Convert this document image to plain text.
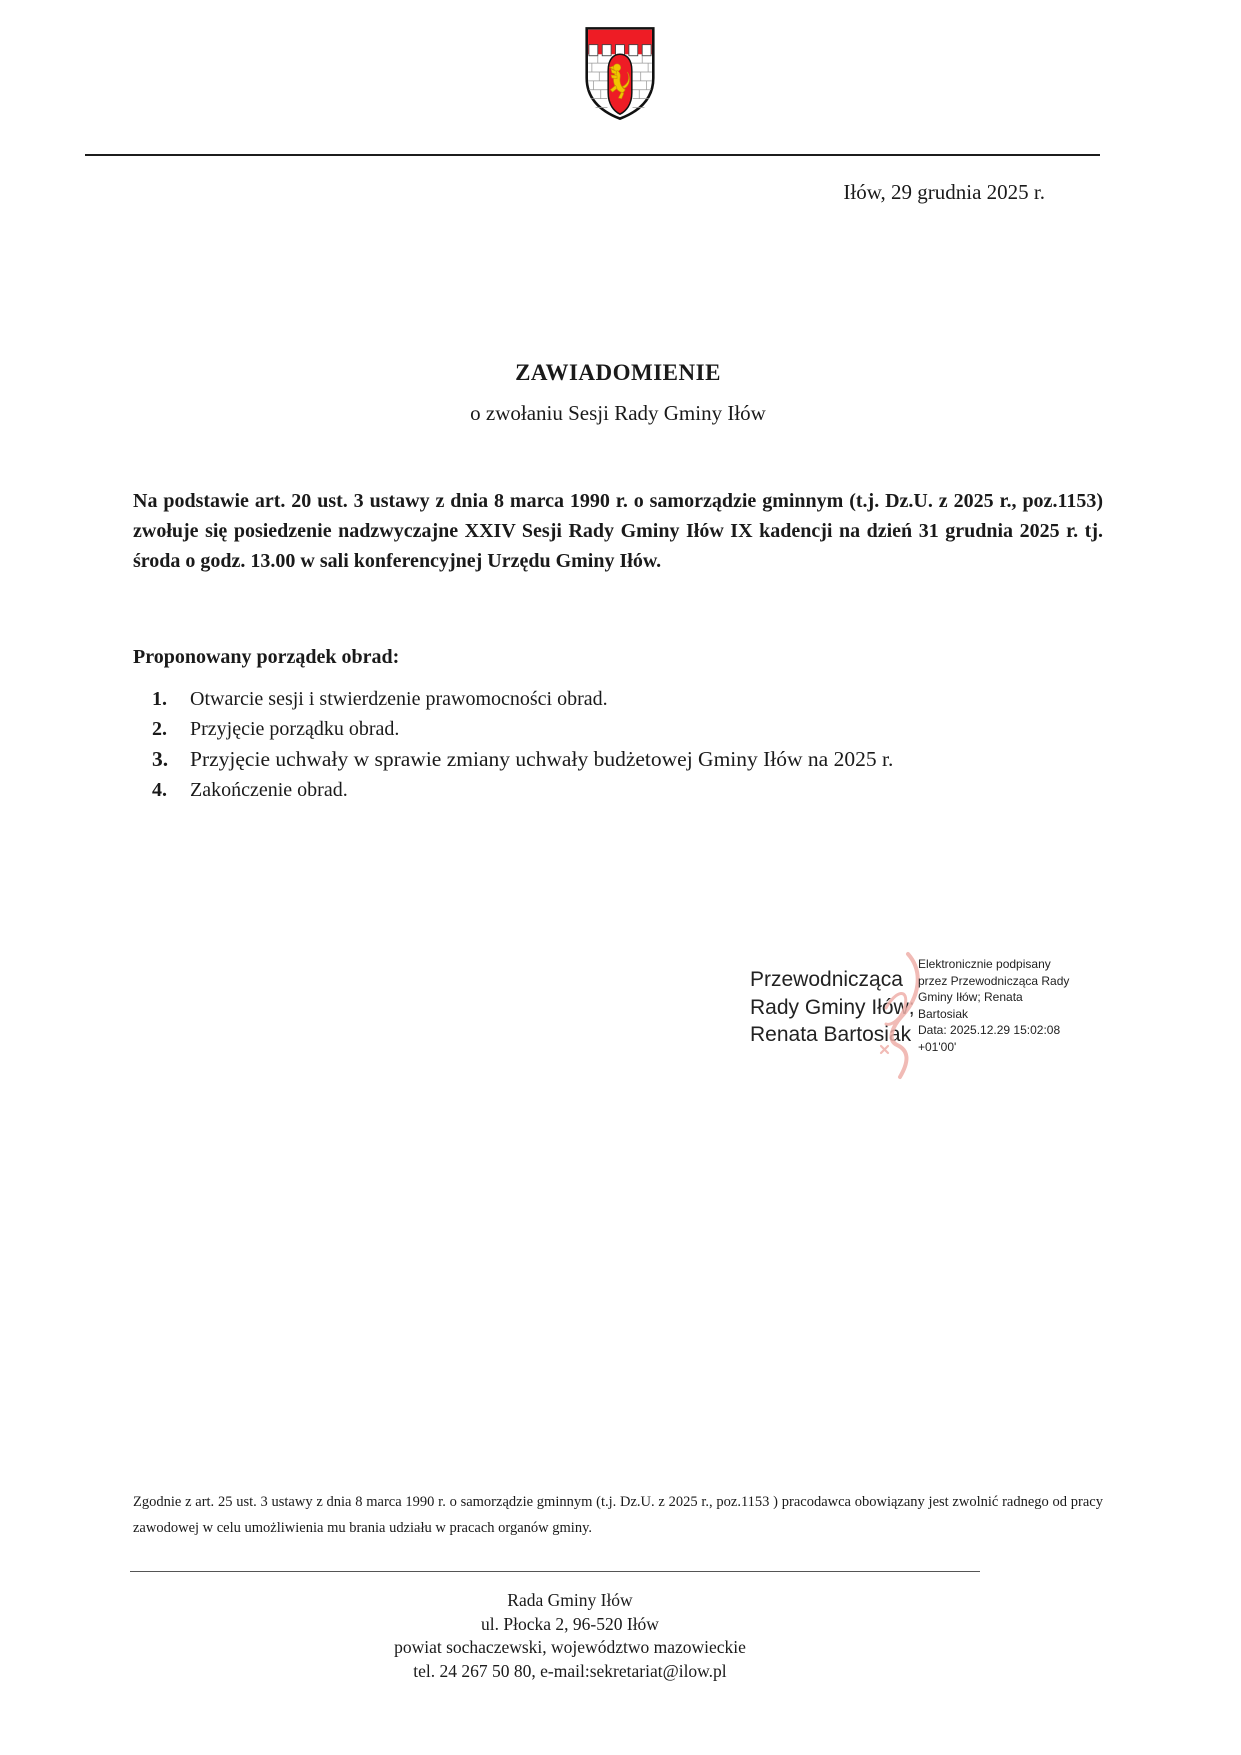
Iłów, 29 grudnia 2025 r.
ZAWIADOMIENIE
o zwołaniu Sesji Rady Gminy Iłów
Na podstawie art. 20 ust. 3 ustawy z dnia 8 marca 1990 r. o samorządzie gminnym (t.j. Dz.U. z 2025 r., poz.1153) zwołuje się posiedzenie nadzwyczajne XXIV Sesji Rady Gminy Iłów IX kadencji na dzień 31 grudnia 2025 r. tj. środa o godz. 13.00 w sali konferencyjnej Urzędu Gminy Iłów.
Proponowany porządek obrad:
1. Otwarcie sesji i stwierdzenie prawomocności obrad.
2. Przyjęcie porządku obrad.
3. Przyjęcie uchwały w sprawie zmiany uchwały budżetowej Gminy Iłów na 2025 r.
4. Zakończenie obrad.
Przewodnicząca
Rady Gminy Iłów;
Renata Bartosiak
Elektronicznie podpisany
przez Przewodnicząca Rady
Gminy Iłów; Renata
Bartosiak
Data: 2025.12.29 15:02:08
+01'00'
Zgodnie z art. 25 ust. 3 ustawy z dnia 8 marca 1990 r. o samorządzie gminnym (t.j. Dz.U. z 2025 r., poz.1153 ) pracodawca obowiązany jest zwolnić radnego od pracy zawodowej w celu umożliwienia mu brania udziału w pracach organów gminy.
Rada Gminy Iłów
ul. Płocka 2, 96-520 Iłów
powiat sochaczewski, województwo mazowieckie
tel. 24 267 50 80, e-mail:sekretariat@ilow.pl
